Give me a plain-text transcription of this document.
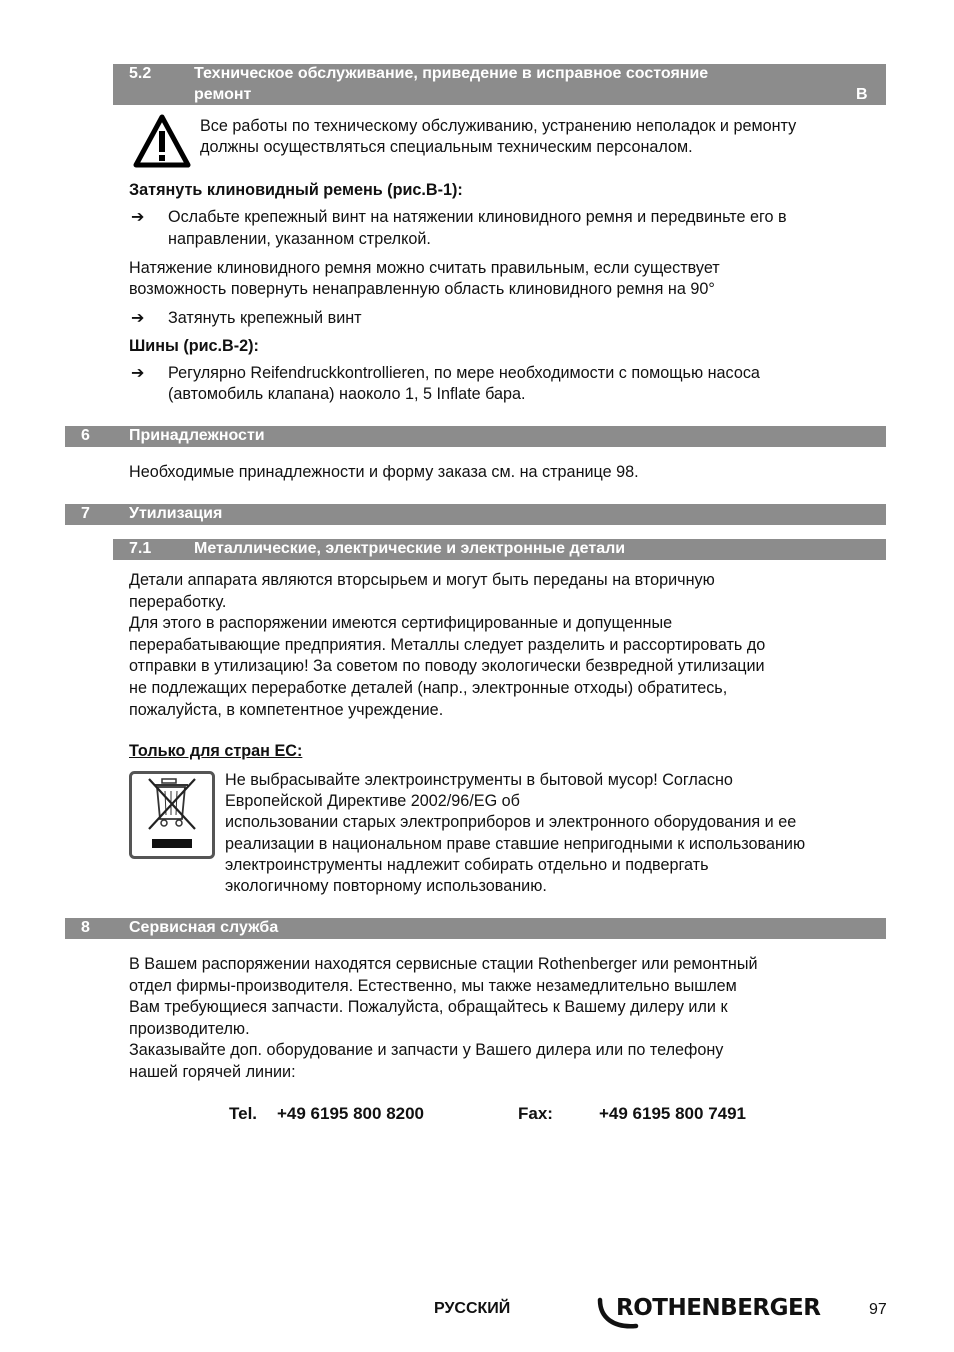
5.2	Техническое обслуживание, приведение в исправное состояние
ремонт	B
Все работы по техническому обслуживанию, устранению неполадок и ремонту
должны осуществляться специальным техническим персоналом.
Затянуть клиновидный ремень (рис.B-1):
➔ Ослабьте крепежный винт на натяжении клиновидного ремня и передвиньте его в
направлении, указанном стрелкой.
Натяжение клиновидного ремня можно считать правильным, если существует
возможность повернуть ненаправленную область клиновидного ремня на 90°
➔ Затянуть крепежный винт
Шины (рис.B-2):
➔ Регулярно Reifendruckkontrollieren, по мере необходимости с помощью насоса
(автомобиль клапана) наоколо 1, 5 Inflate бара.
6 Принадлежности
Необходимые принадлежности и форму заказа см. на странице 98.
7 Утилизация
7.1	Металлические, электрические и электронные детали
Детали аппарата являются вторсырьем и могут быть переданы на вторичную
переработку.
Для этого в распоряжении имеются сертифицированные и допущенные
перерабатывающие предприятия. Металлы следует разделить и рассортировать до
отправки в утилизацию! За советом по поводу экологически безвредной утилизации
не подлежащих переработке деталей (напр., электронные отходы) обратитесь,
пожалуйста, в компетентное учреждение.
Только для стран ЕС:
Не выбрасывайте электроинструменты в бытовой мусор! Согласно
Европейской Директиве 2002/96/EG об
использовании старых электроприборов и электронного оборудования и ее
реализации в национальном праве ставшие непригодными к использованию
электроинструменты надлежит собирать отдельно и подвергать
экологичному повторному использованию.
8 Сервисная служба
В Вашем распоряжении находятся сервисные стации Rothenberger или ремонтный
отдел фирмы-производителя. Естественно, мы также незамедлительно вышлем
Вам требующиеся запчасти. Пожалуйста, обращайтесь к Вашему дилеру или к
производителю.
Заказывайте доп. оборудование и запчасти у Вашего дилера или по телефону
нашей горячей линии:
Tel. +49 6195 800 8200	Fax:	+49 6195 800 7491
РУССКИЙ	ROTHENBERGER	97
